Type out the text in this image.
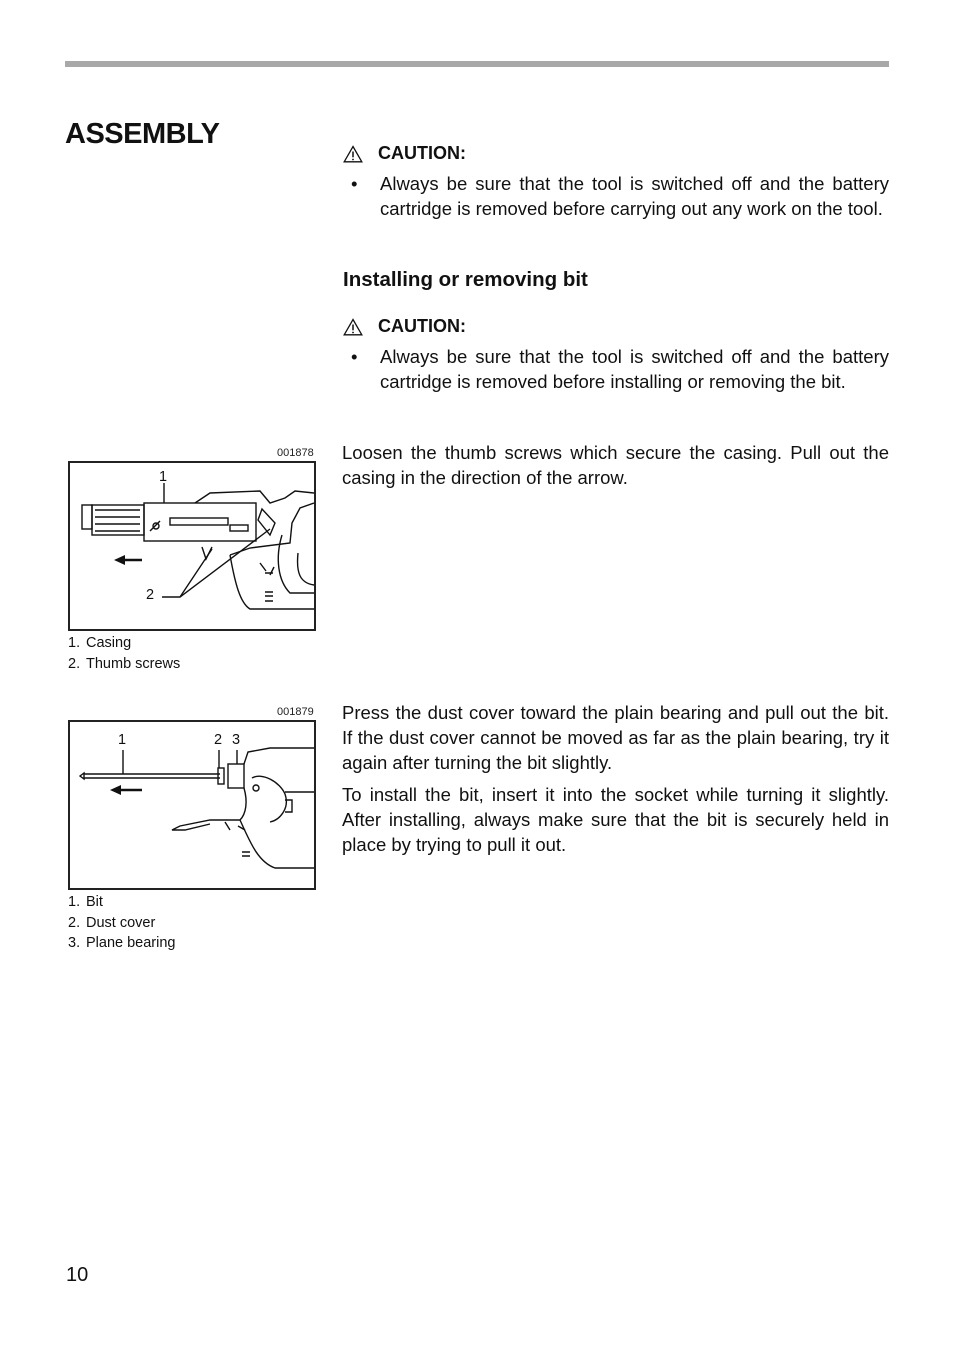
ASSEMBLY
CAUTION:
• Always be sure that the tool is switched off and the battery cartridge is removed before carrying out any work on the tool.
Installing or removing bit
CAUTION:
• Always be sure that the tool is switched off and the battery cartridge is removed before installing or removing the bit.
001878
1
2
1. Casing
2. Thumb screws

Loosen the thumb screws which secure the casing. Pull out the casing in the direction of the arrow.

001879
1	2 3
1. Bit
2. Dust cover
3. Plane bearing

Press the dust cover toward the plain bearing and pull out the bit. If the dust cover cannot be moved as far as the plain bearing, try it again after turning the bit slightly.

To install the bit, insert it into the socket while turning it slightly. After installing, always make sure that the bit is securely held in place by trying to pull it out.

10
